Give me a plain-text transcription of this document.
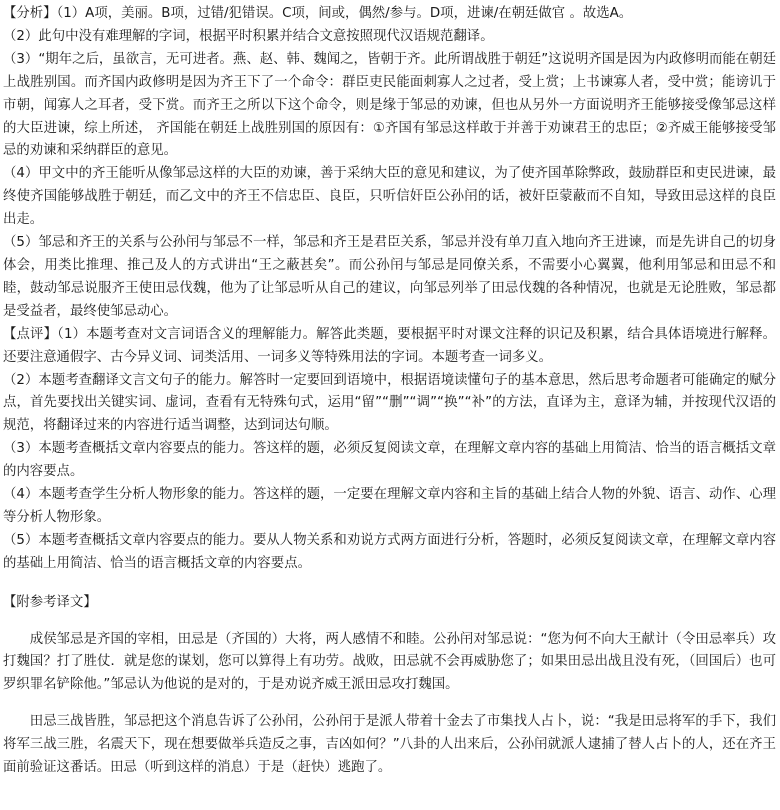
【分析】（1）A项，美丽。B项，过错/犯错误。C项，间或，偶然/参与。D项，进谏/在朝廷做官 。故选A。

（2）此句中没有难理解的字词，根据平时积累并结合文意按照现代汉语规范翻译。

（3）“期年之后，虽欲言，无可进者。燕、赵、韩、魏闻之，皆朝于齐。此所谓战胜于朝廷”这说明齐国是因为内政修明而能在朝廷上战胜别国。而齐国内政修明是因为齐王下了一个命令：群臣吏民能面刺寡人之过者，受上赏；上书谏寡人者，受中赏；能谤讥于市朝，闻寡人之耳者，受下赏。而齐王之所以下这个命令，则是缘于邹忌的劝谏，但也从另外一方面说明齐王能够接受像邹忌这样的大臣进谏，综上所述， 齐国能在朝廷上战胜别国的原因有：①齐国有邹忌这样敢于并善于劝谏君王的忠臣；②齐威王能够接受邹忌的劝谏和采纳群臣的意见。

（4）甲文中的齐王能听从像邹忌这样的大臣的劝谏，善于采纳大臣的意见和建议，为了使齐国革除弊政，鼓励群臣和吏民进谏，最终使齐国能够战胜于朝廷，而乙文中的齐王不信忠臣、良臣，只听信奸臣公孙闬的话，被奸臣蒙蔽而不自知，导致田忌这样的良臣出走。

（5）邹忌和齐王的关系与公孙闬与邹忌不一样，邹忌和齐王是君臣关系，邹忌并没有单刀直入地向齐王进谏，而是先讲自己的切身体会，用类比推理、推己及人的方式讲出“王之蔽甚矣”。而公孙闬与邹忌是同僚关系，不需要小心翼翼，他利用邹忌和田忌不和睦，鼓动邹忌说服齐王使田忌伐魏，他为了让邹忌听从自己的建议，向邹忌列举了田忌伐魏的各种情况，也就是无论胜败，邹忌都是受益者，最终使邹忌动心。

【点评】（1）本题考查对文言词语含义的理解能力。解答此类题，要根据平时对课文注释的识记及积累，结合具体语境进行解释。还要注意通假字、古今异义词、词类活用、一词多义等特殊用法的字词。本题考查一词多义。

（2）本题考查翻译文言文句子的能力。解答时一定要回到语境中，根据语境读懂句子的基本意思，然后思考命题者可能确定的赋分点，首先要找出关键实词、虚词，查看有无特殊句式，运用“留”“删”“调”“换”“补”的方法，直译为主，意译为辅，并按现代汉语的规范，将翻译过来的内容进行适当调整，达到词达句顺。

（3）本题考查概括文章内容要点的能力。答这样的题，必须反复阅读文章，在理解文章内容的基础上用简洁、恰当的语言概括文章的内容要点。

（4）本题考查学生分析人物形象的能力。答这样的题，一定要在理解文章内容和主旨的基础上结合人物的外貌、语言、动作、心理等分析人物形象。

（5）本题考查概括文章内容要点的能力。要从人物关系和劝说方式两方面进行分析，答题时，必须反复阅读文章，在理解文章内容的基础上用简洁、恰当的语言概括文章的内容要点。

【附参考译文】

成侯邹忌是齐国的宰相，田忌是（齐国的）大将，两人感情不和睦。公孙闬对邹忌说：“您为何不向大王献计（令田忌率兵）攻打魏国？打了胜仗．就是您的谋划，您可以算得上有功劳。战败，田忌就不会再威胁您了；如果田忌出战且没有死，（回国后）也可罗织罪名铲除他。”邹忌认为他说的是对的，于是劝说齐威王派田忌攻打魏国。

田忌三战皆胜，邹忌把这个消息告诉了公孙闬，公孙闬于是派人带着十金去了市集找人占卜，说：“我是田忌将军的手下，我们将军三战三胜，名震天下，现在想要做举兵造反之事，吉凶如何？”八卦的人出来后，公孙闬就派人逮捕了替人占卜的人，还在齐王面前验证这番话。田忌（听到这样的消息）于是（赶快）逃跑了。
